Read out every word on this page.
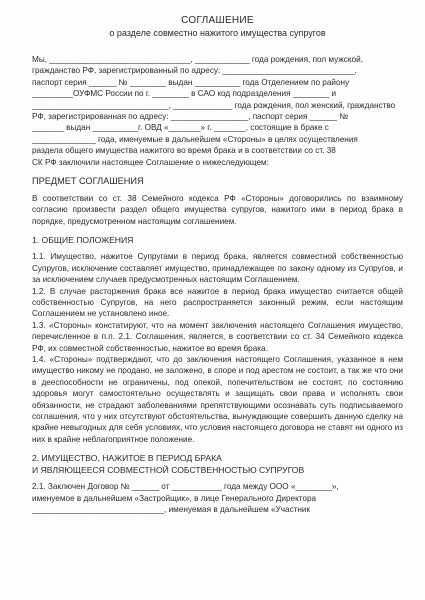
СОГЛАШЕНИЕ
о разделе совместно нажитого имущества супругов
Мы, _______________________________, ____________ года рождения, пол мужской,
гражданство РФ, зарегистрированный по адресу: _____________________________,
паспорт серия ______ № ________ выдан __________ года Отделением по району
_________ОУФМС России по г. ________ в САО код подразделения ________ и
______________________________, _____________ года рождения, пол женский, гражданство
РФ, зарегистрированная по адресу: _________________, паспорт серия ______ №
_______ выдан __________г. ОВД «_______» г. _______, состоящие в браке с
______________ года, именуемые в дальнейшем «Стороны» в целях осуществления
раздела общего имущества нажитого во время брака и в соответствии со ст. 38
СК РФ заключили настоящее Соглашение о нижеследующем:
ПРЕДМЕТ СОГЛАШЕНИЯ

В соответствии со ст. 38 Семейного кодекса РФ «Стороны» договорились по взаимному согласию произвести раздел общего имущества супругов, нажитого ими в период брака в порядке, предусмотренном настоящим соглашением.

1. ОБЩИЕ ПОЛОЖЕНИЯ

1.1. Имущество, нажитое Супругами в период брака, является совместной собственностью Супругов, исключение составляет имущество, принадлежащее по закону одному из Супругов, и за исключением случаев предусмотренных настоящим Соглашением.

1.2. В случае расторжения брака все нажитое в период брака имущество считается общей собственностью Супругов, на него распространяется законный режим, если настоящим Соглашением не установлено иное.

1.3. «Стороны» констатируют, что на момент заключения настоящего Соглашения имущество, перечисленное в п.п. 2.1. Соглашения, является, в соответствии со ст. 34 Семейного кодекса РФ, их совместной собственностью, нажитое во время брака.

1.4. «Стороны» подтверждают, что до заключения настоящего Соглашения, указанное в нем имущество никому не продано, не заложено, в споре и под арестом не состоит, а так же что они в дееспособности не ограничены, под опекой, попечительством не состоят, по состоянию здоровья могут самостоятельно осуществлять и защищать свои права и исполнять свои обязанности, не страдают заболеваниями препятствующими осознавать суть подписываемого соглашения, что у них отсутствуют обстоятельства, вынуждающие совершить данную сделку на крайне невыгодных для себя условиях, что условия настоящего договора не ставят ни одного из них в крайне неблагоприятное положение.

2. ИМУЩЕСТВО, НАЖИТОЕ В ПЕРИОД БРАКА
И ЯВЛЯЮЩЕЕСЯ СОВМЕСТНОЙ СОБСТВЕННОСТЬЮ СУПРУГОВ
2.1. Заключен Договор № ______ от ___________ года между ООО «________»,
именуемое в дальнейшем «Застройщик», в лице Генерального Директора
_____________________________, именуемая в дальнейшем «Участник
